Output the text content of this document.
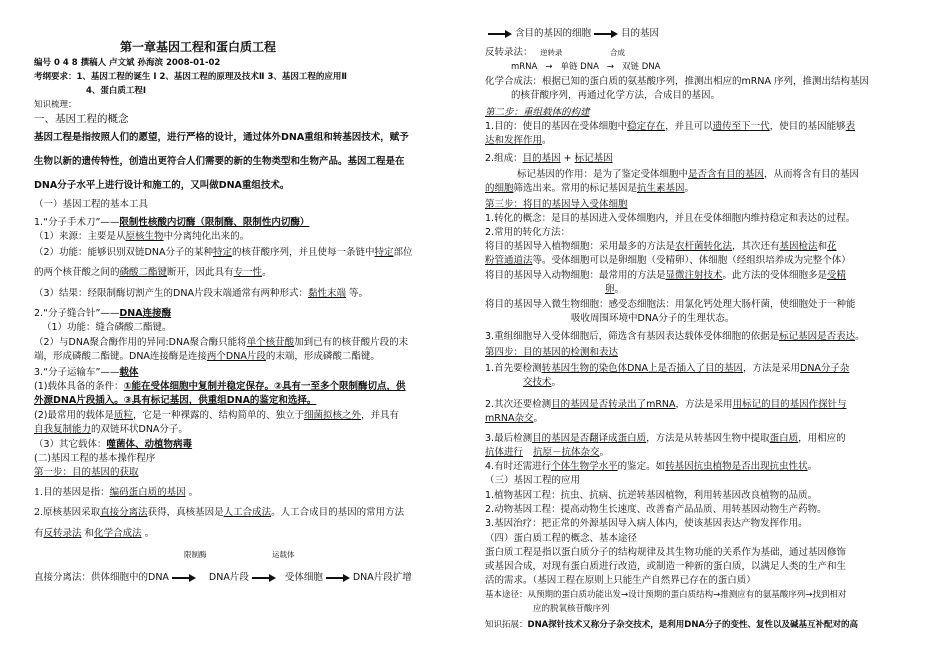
第一章基因工程和蛋白质工程
编号 0 4 8 撰稿人 卢文斌 孙海滨 2008-01-02
考纲要求：1、基因工程的诞生 Ⅰ 2、基因工程的原理及技术Ⅱ 3、基因工程的应用Ⅱ
4、蛋白质工程Ⅰ
知识梳理：
一、基因工程的概念
基因工程是指按照人们的愿望，进行严格的设计，通过体外DNA重组和转基因技术，赋予
生物以新的遗传特性，创造出更符合人们需要的新的生物类型和生物产品。基因工程是在
DNA分子水平上进行设计和施工的，又叫做DNA重组技术。
（一）基因工程的基本工具
1.“分子手术刀”——限制性核酸内切酶（限制酶、限制性内切酶）
（1）来源：主要是从原核生物中分离纯化出来的。
（2）功能：能够识别双链DNA分子的某种特定的核苷酸序列，并且使每一条链中特定部位
的两个核苷酸之间的磷酸二酯键断开，因此具有专一性。
（3）结果：经限制酶切割产生的DNA片段末端通常有两种形式：黏性末端 等。
2.“分子缝合针”——DNA连接酶
（1）功能：缝合磷酸二酯键。
（2）与DNA聚合酶作用的异同:DNA聚合酶只能将单个核苷酸加到已有的核苷酸片段的末
端，形成磷酸二酯键。DNA连接酶是连接两个DNA片段的末端，形成磷酸二酯键。
3.“分子运输车”——载体
(1)载体具备的条件：①能在受体细胞中复制并稳定保存。②具有一至多个限制酶切点，供
外源DNA片段插入。③具有标记基因，供重组DNA的鉴定和选择。
(2)最常用的载体是质粒，它是一种裸露的、结构简单的、独立于细菌拟核之外，并具有
自我复制能力的双链环状DNA分子。
（3）其它载体：噬菌体、动植物病毒
(二)基因工程的基本操作程序
第一步：目的基因的获取
1.目的基因是指：编码蛋白质的基因 。
2.原核基因采取直接分离法获得，真核基因是人工合成法。人工合成目的基因的常用方法
有反转录法 和化学合成法 。
限制酶	运载体
直接分离法：供体细胞中的DNA	DNA片段	受体细胞	DNA片段扩增
含目的基因的细胞	目的基因
反转录法： 逆转录	合成
mRNA → 单链 DNA → 双链 DNA
化学合成法：根据已知的蛋白质的氨基酸序列，推测出相应的mRNA 序列，推测出结构基因
的核苷酸序列，再通过化学方法，合成目的基因。
第二步：重组载体的构建
1.目的：使目的基因在受体细胞中稳定存在，并且可以遗传至下一代，使目的基因能够表
达和发挥作用。
2.组成：目的基因 + 标记基因
标记基因的作用：是为了鉴定受体细胞中是否含有目的基因，从而将含有目的基因
的细胞筛选出来。常用的标记基因是抗生素基因。
第三步：将目的基因导入受体细胞
1.转化的概念：是目的基因进入受体细胞内，并且在受体细胞内维持稳定和表达的过程。
2.常用的转化方法：
将目的基因导入植物细胞：采用最多的方法是农杆菌转化法，其次还有基因枪法和花
粉管通道法等。受体细胞可以是卵细胞（受精卵）、体细胞（经组织培养成为完整个体）
将目的基因导入动物细胞：最常用的方法是显微注射技术。此方法的受体细胞多是受精
卵。
将目的基因导入微生物细胞：感受态细胞法：用氯化钙处理大肠杆菌，使细胞处于一种能
吸收周围环境中DNA分子的生理状态。
3.重组细胞导入受体细胞后，筛选含有基因表达载体受体细胞的依据是标记基因是否表达。
第四步：目的基因的检测和表达
1.首先要检测转基因生物的染色体DNA上是否插入了目的基因，方法是采用DNA分子杂
交技术。
2.其次还要检测目的基因是否转录出了mRNA，方法是采用用标记的目的基因作探针与
mRNA杂交。
3.最后检测目的基因是否翻译成蛋白质，方法是从转基因生物中提取蛋白质，用相应的
抗体进行 抗原－抗体杂交。
4.有时还需进行个体生物学水平的鉴定。如转基因抗虫植物是否出现抗虫性状。
（三）基因工程的应用
1.植物基因工程：抗虫、抗病、抗逆转基因植物，利用转基因改良植物的品质。
2.动物基因工程：提高动物生长速度、改善畜产品品质、用转基因动物生产药物。
3.基因治疗：把正常的外源基因导入病人体内，使该基因表达产物发挥作用。
（四）蛋白质工程的概念、基本途径
蛋白质工程是指以蛋白质分子的结构规律及其生物功能的关系作为基础，通过基因修饰
或基因合成，对现有蛋白质进行改造，或制造一种新的蛋白质，以满足人类的生产和生
活的需求。（基因工程在原则上只能生产自然界已存在的蛋白质）
基本途径：从预期的蛋白质功能出发→设计预期的蛋白质结构→推测应有的氨基酸序列→找到相对
应的脱氧核苷酸序列
知识拓展：DNA探针技术又称分子杂交技术，是利用DNA分子的变性、复性以及碱基互补配对的高
